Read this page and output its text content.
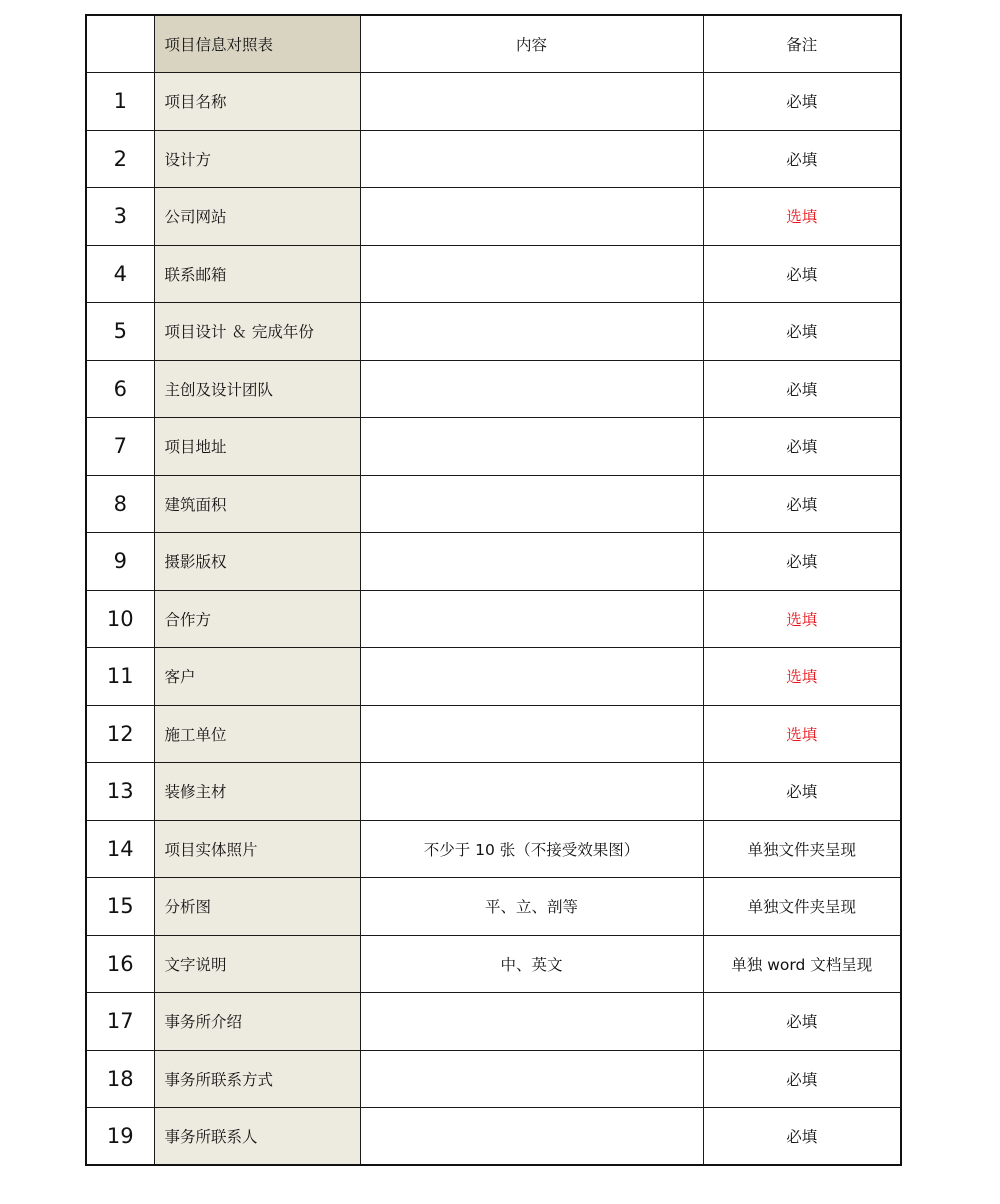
	项目信息对照表	内容	备注
1	项目名称		必填
2	设计方		必填
3	公司网站		选填
4	联系邮箱		必填
5	项目设计 ＆ 完成年份		必填
6	主创及设计团队		必填
7	项目地址		必填
8	建筑面积		必填
9	摄影版权		必填
10	合作方		选填
11	客户		选填
12	施工单位		选填
13	装修主材		必填
14	项目实体照片	不少于 10 张（不接受效果图）	单独文件夹呈现
15	分析图	平、立、剖等	单独文件夹呈现
16	文字说明	中、英文	单独 word 文档呈现
17	事务所介绍		必填
18	事务所联系方式		必填
19	事务所联系人		必填
